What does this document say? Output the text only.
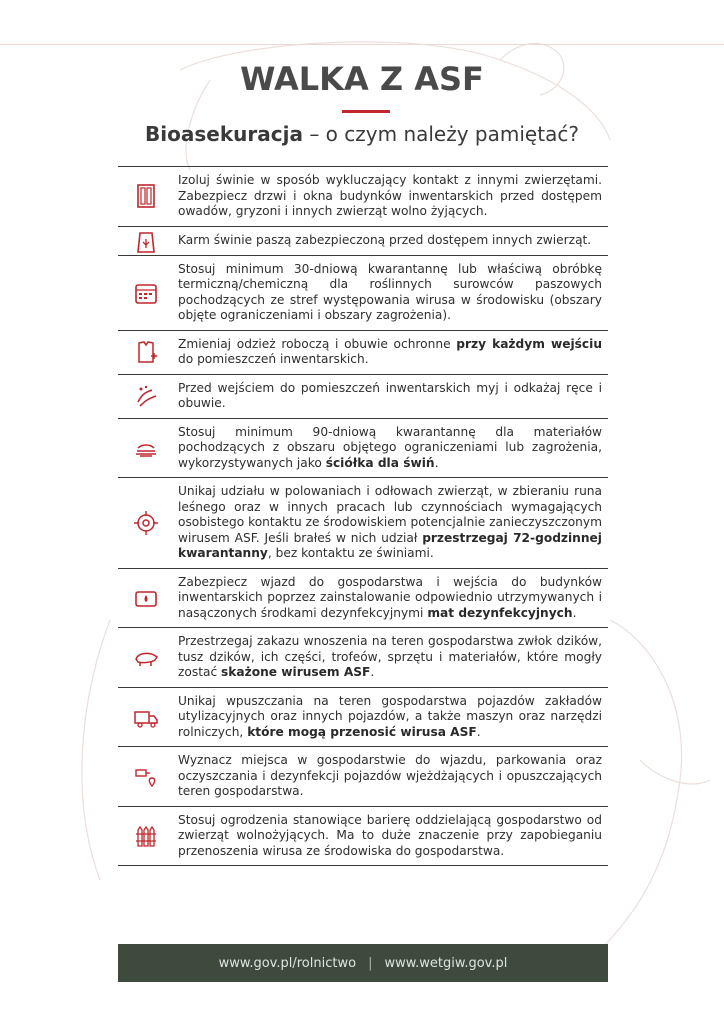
WALKA Z ASF
Bioasekuracja – o czym należy pamiętać?
Izoluj świnie w sposób wykluczający kontakt z innymi zwierzętami. Zabezpiecz drzwi i okna budynków inwentarskich przed dostępem owadów, gryzoni i innych zwierząt wolno żyjących.
Karm świnie paszą zabezpieczoną przed dostępem innych zwierząt.
Stosuj minimum 30-dniową kwarantannę lub właściwą obróbkę termiczną/chemiczną dla roślinnych surowców paszowych pochodzących ze stref występowania wirusa w środowisku (obszary objęte ograniczeniami i obszary zagrożenia).
Zmieniaj odzież roboczą i obuwie ochronne przy każdym wejściu do pomieszczeń inwentarskich.
Przed wejściem do pomieszczeń inwentarskich myj i odkażaj ręce i obuwie.
Stosuj minimum 90-dniową kwarantannę dla materiałów pochodzących z obszaru objętego ograniczeniami lub zagrożenia, wykorzystywanych jako ściółka dla świń.
Unikaj udziału w polowaniach i odłowach zwierząt, w zbieraniu runa leśnego oraz w innych pracach lub czynnościach wymagających osobistego kontaktu ze środowiskiem potencjalnie zanieczyszczonym wirusem ASF. Jeśli brałeś w nich udział przestrzegaj 72-godzinnej kwarantanny, bez kontaktu ze świniami.
Zabezpiecz wjazd do gospodarstwa i wejścia do budynków inwentarskich poprzez zainstalowanie odpowiednio utrzymywanych i nasączonych środkami dezynfekcyjnymi mat dezynfekcyjnych.
Przestrzegaj zakazu wnoszenia na teren gospodarstwa zwłok dzików, tusz dzików, ich części, trofeów, sprzętu i materiałów, które mogły zostać skażone wirusem ASF.
Unikaj wpuszczania na teren gospodarstwa pojazdów zakładów utylizacyjnych oraz innych pojazdów, a także maszyn oraz narzędzi rolniczych, które mogą przenosić wirusa ASF.
Wyznacz miejsca w gospodarstwie do wjazdu, parkowania oraz oczyszczania i dezynfekcji pojazdów wjeżdżających i opuszczających teren gospodarstwa.
Stosuj ogrodzenia stanowiące barierę oddzielającą gospodarstwo od zwierząt wolnożyjących. Ma to duże znaczenie przy zapobieganiu przenoszenia wirusa ze środowiska do gospodarstwa.
www.gov.pl/rolnictwo | www.wetgiw.gov.pl
